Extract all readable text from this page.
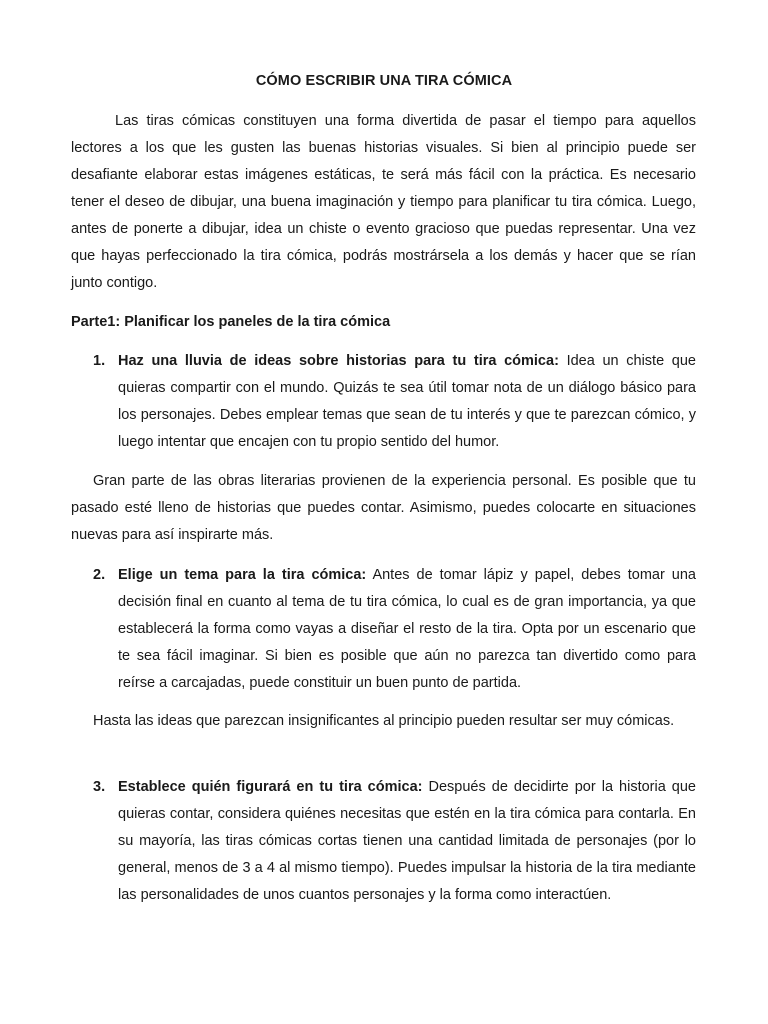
CÓMO ESCRIBIR UNA TIRA CÓMICA

Las tiras cómicas constituyen una forma divertida de pasar el tiempo para aquellos lectores a los que les gusten las buenas historias visuales. Si bien al principio puede ser desafiante elaborar estas imágenes estáticas, te será más fácil con la práctica. Es necesario tener el deseo de dibujar, una buena imaginación y tiempo para planificar tu tira cómica. Luego, antes de ponerte a dibujar, idea un chiste o evento gracioso que puedas representar. Una vez que hayas perfeccionado la tira cómica, podrás mostrársela a los demás y hacer que se rían junto contigo.

Parte1: Planificar los paneles de la tira cómica

1. Haz una lluvia de ideas sobre historias para tu tira cómica: Idea un chiste que quieras compartir con el mundo. Quizás te sea útil tomar nota de un diálogo básico para los personajes. Debes emplear temas que sean de tu interés y que te parezcan cómico, y luego intentar que encajen con tu propio sentido del humor.

Gran parte de las obras literarias provienen de la experiencia personal. Es posible que tu pasado esté lleno de historias que puedes contar. Asimismo, puedes colocarte en situaciones nuevas para así inspirarte más.

2. Elige un tema para la tira cómica: Antes de tomar lápiz y papel, debes tomar una decisión final en cuanto al tema de tu tira cómica, lo cual es de gran importancia, ya que establecerá la forma como vayas a diseñar el resto de la tira. Opta por un escenario que te sea fácil imaginar. Si bien es posible que aún no parezca tan divertido como para reírse a carcajadas, puede constituir un buen punto de partida.

Hasta las ideas que parezcan insignificantes al principio pueden resultar ser muy cómicas.

3. Establece quién figurará en tu tira cómica: Después de decidirte por la historia que quieras contar, considera quiénes necesitas que estén en la tira cómica para contarla. En su mayoría, las tiras cómicas cortas tienen una cantidad limitada de personajes (por lo general, menos de 3 a 4 al mismo tiempo). Puedes impulsar la historia de la tira mediante las personalidades de unos cuantos personajes y la forma como interactúen.
